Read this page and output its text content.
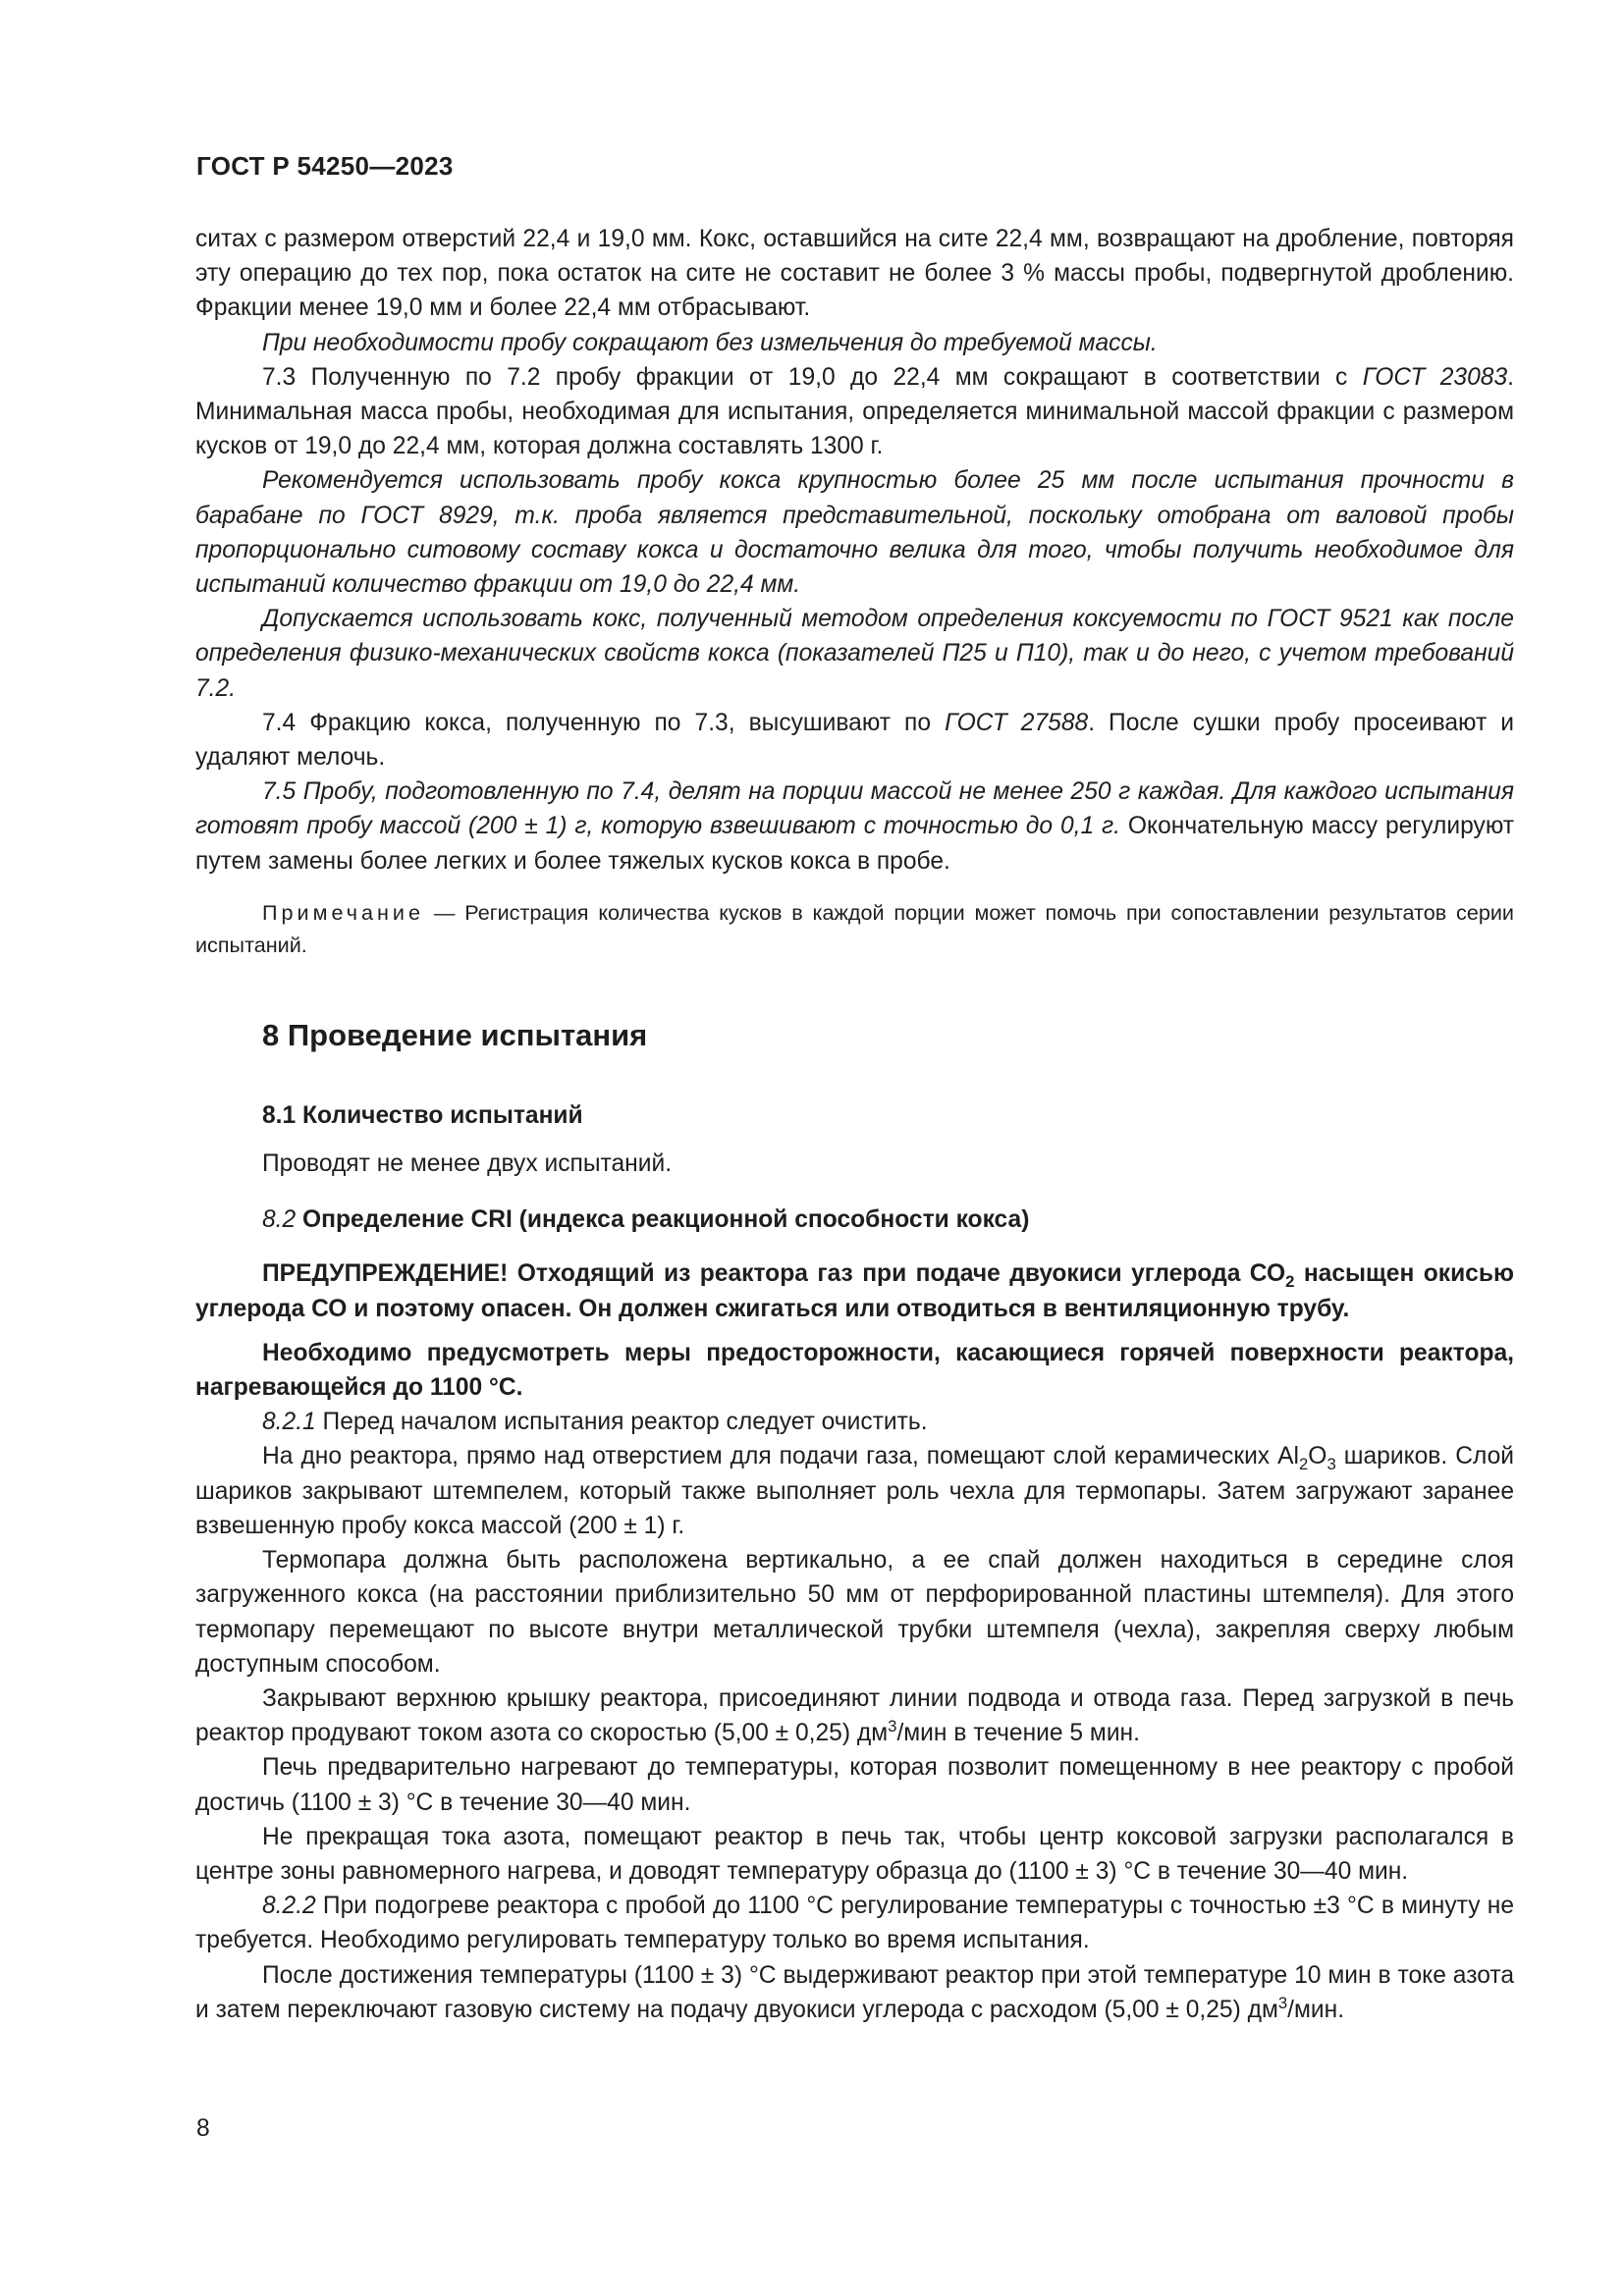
ГОСТ Р 54250—2023

ситах с размером отверстий 22,4 и 19,0 мм. Кокс, оставшийся на сите 22,4 мм, возвращают на дробление, повторяя эту операцию до тех пор, пока остаток на сите не составит не более 3 % массы пробы, подвергнутой дроблению. Фракции менее 19,0 мм и более 22,4 мм отбрасывают.

При необходимости пробу сокращают без измельчения до требуемой массы.

7.3 Полученную по 7.2 пробу фракции от 19,0 до 22,4 мм сокращают в соответствии с ГОСТ 23083. Минимальная масса пробы, необходимая для испытания, определяется минимальной массой фракции с размером кусков от 19,0 до 22,4 мм, которая должна составлять 1300 г.

Рекомендуется использовать пробу кокса крупностью более 25 мм после испытания прочности в барабане по ГОСТ 8929, т.к. проба является представительной, поскольку отобрана от валовой пробы пропорционально ситовому составу кокса и достаточно велика для того, чтобы получить необходимое для испытаний количество фракции от 19,0 до 22,4 мм.

Допускается использовать кокс, полученный методом определения коксуемости по ГОСТ 9521 как после определения физико-механических свойств кокса (показателей П25 и П10), так и до него, с учетом требований 7.2.

7.4 Фракцию кокса, полученную по 7.3, высушивают по ГОСТ 27588. После сушки пробу просеивают и удаляют мелочь.

7.5 Пробу, подготовленную по 7.4, делят на порции массой не менее 250 г каждая. Для каждого испытания готовят пробу массой (200 ± 1) г, которую взвешивают с точностью до 0,1 г. Окончательную массу регулируют путем замены более легких и более тяжелых кусков кокса в пробе.

Примечание — Регистрация количества кусков в каждой порции может помочь при сопоставлении результатов серии испытаний.

8 Проведение испытания

8.1 Количество испытаний

Проводят не менее двух испытаний.

8.2 Определение CRI (индекса реакционной способности кокса)

ПРЕДУПРЕЖДЕНИЕ! Отходящий из реактора газ при подаче двуокиси углерода $СО_2$ насыщен окисью углерода СО и поэтому опасен. Он должен сжигаться или отводиться в вентиляционную трубу.

Необходимо предусмотреть меры предосторожности, касающиеся горячей поверхности реактора, нагревающейся до 1100 °С.

8.2.1 Перед началом испытания реактор следует очистить.

На дно реактора, прямо над отверстием для подачи газа, помещают слой керамических $Al_2O_3$ шариков. Слой шариков закрывают штемпелем, который также выполняет роль чехла для термопары. Затем загружают заранее взвешенную пробу кокса массой (200 ± 1) г.

Термопара должна быть расположена вертикально, а ее спай должен находиться в середине слоя загруженного кокса (на расстоянии приблизительно 50 мм от перфорированной пластины штемпеля). Для этого термопару перемещают по высоте внутри металлической трубки штемпеля (чехла), закрепляя сверху любым доступным способом.

Закрывают верхнюю крышку реактора, присоединяют линии подвода и отвода газа. Перед загрузкой в печь реактор продувают током азота со скоростью (5,00 ± 0,25) $дм^3$/мин в течение 5 мин.

Печь предварительно нагревают до температуры, которая позволит помещенному в нее реактору с пробой достичь (1100 ± 3) °С в течение 30—40 мин.

Не прекращая тока азота, помещают реактор в печь так, чтобы центр коксовой загрузки располагался в центре зоны равномерного нагрева, и доводят температуру образца до (1100 ± 3) °С в течение 30—40 мин.

8.2.2 При подогреве реактора с пробой до 1100 °С регулирование температуры с точностью ±3 °С в минуту не требуется. Необходимо регулировать температуру только во время испытания.

После достижения температуры (1100 ± 3) °С выдерживают реактор при этой температуре 10 мин в токе азота и затем переключают газовую систему на подачу двуокиси углерода с расходом (5,00 ± 0,25) $дм^3$/мин.

8
